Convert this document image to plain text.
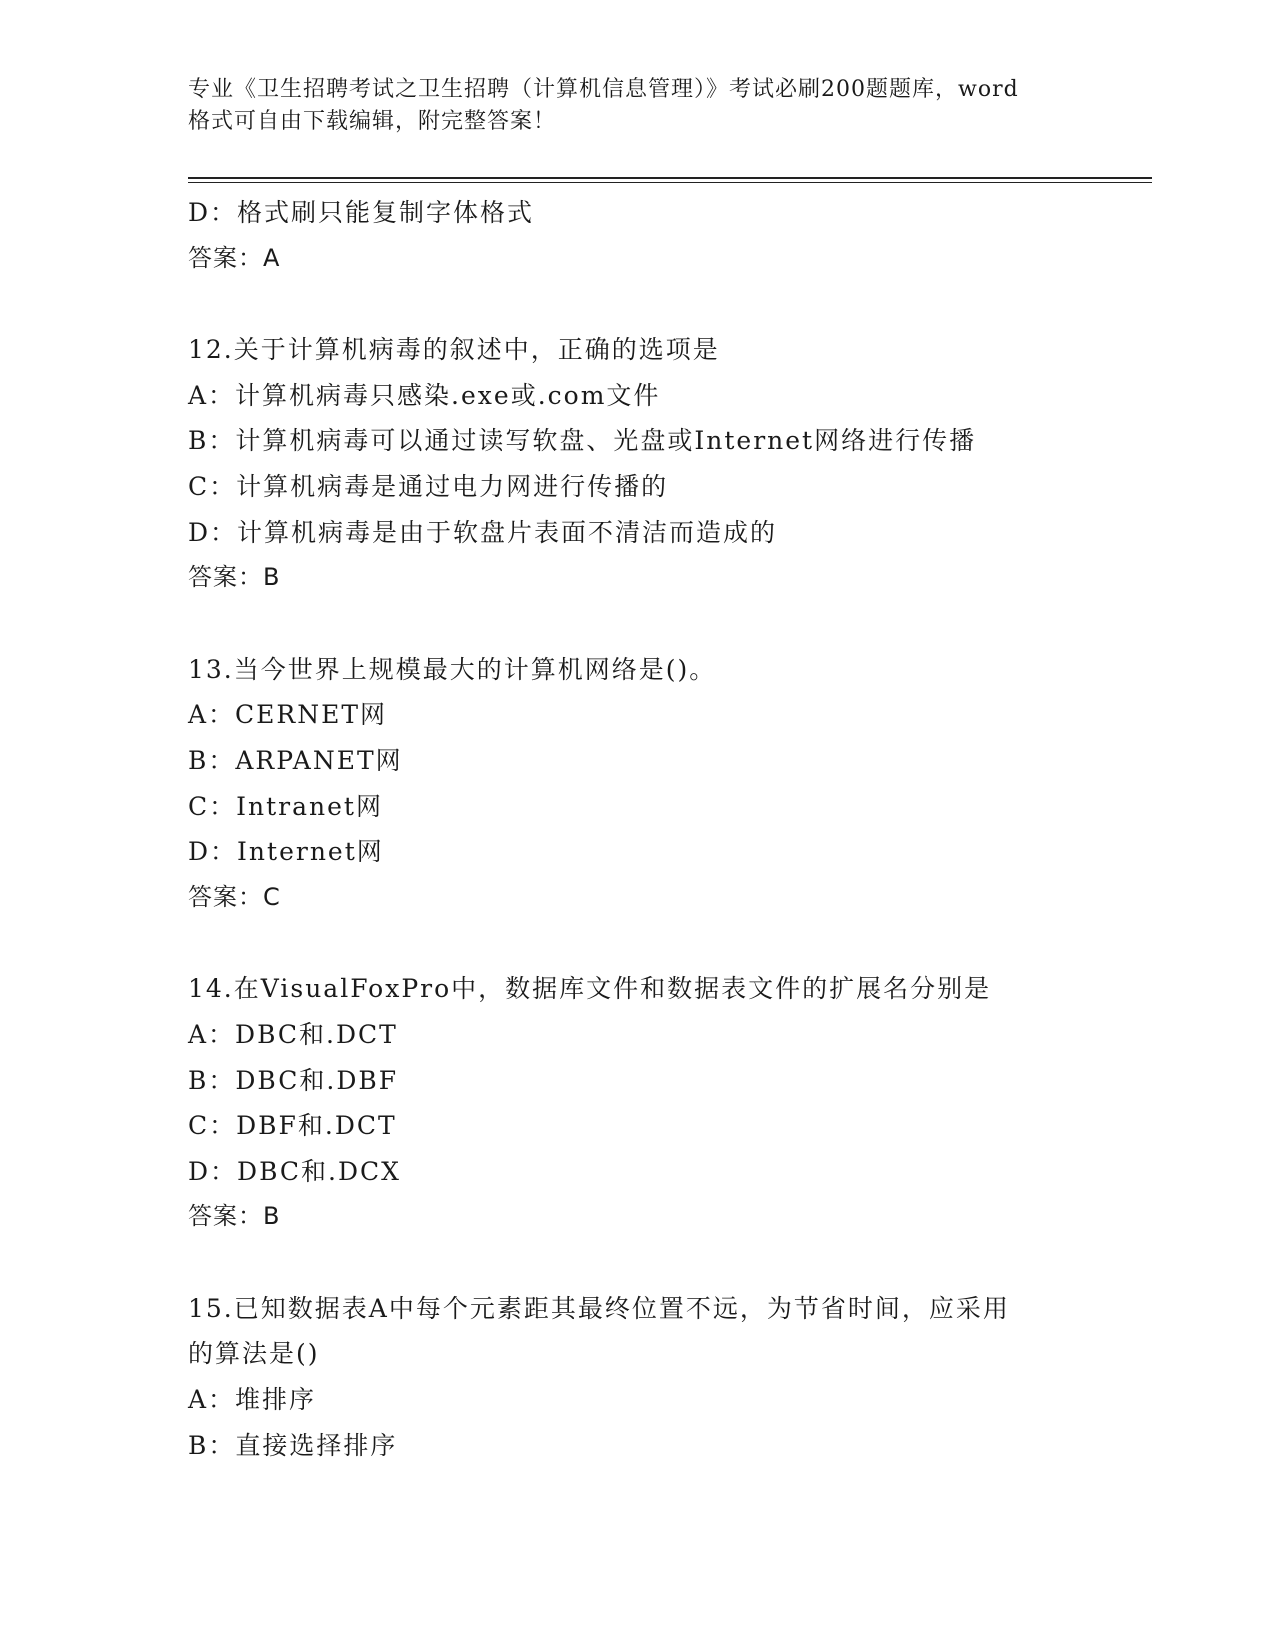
专业《卫生招聘考试之卫生招聘（计算机信息管理）》考试必刷200题题库，word
格式可自由下载编辑，附完整答案！
D：格式刷只能复制字体格式
答案：A
12.关于计算机病毒的叙述中，正确的选项是
A：计算机病毒只感染.exe或.com文件
B：计算机病毒可以通过读写软盘、光盘或Internet网络进行传播
C：计算机病毒是通过电力网进行传播的
D：计算机病毒是由于软盘片表面不清洁而造成的
答案：B
13.当今世界上规模最大的计算机网络是()。
A：CERNET网
B：ARPANET网
C：Intranet网
D：Internet网
答案：C
14.在VisualFoxPro中，数据库文件和数据表文件的扩展名分别是
A：DBC和.DCT
B：DBC和.DBF
C：DBF和.DCT
D：DBC和.DCX
答案：B
15.已知数据表A中每个元素距其最终位置不远，为节省时间，应采用
的算法是()
A：堆排序
B：直接选择排序
